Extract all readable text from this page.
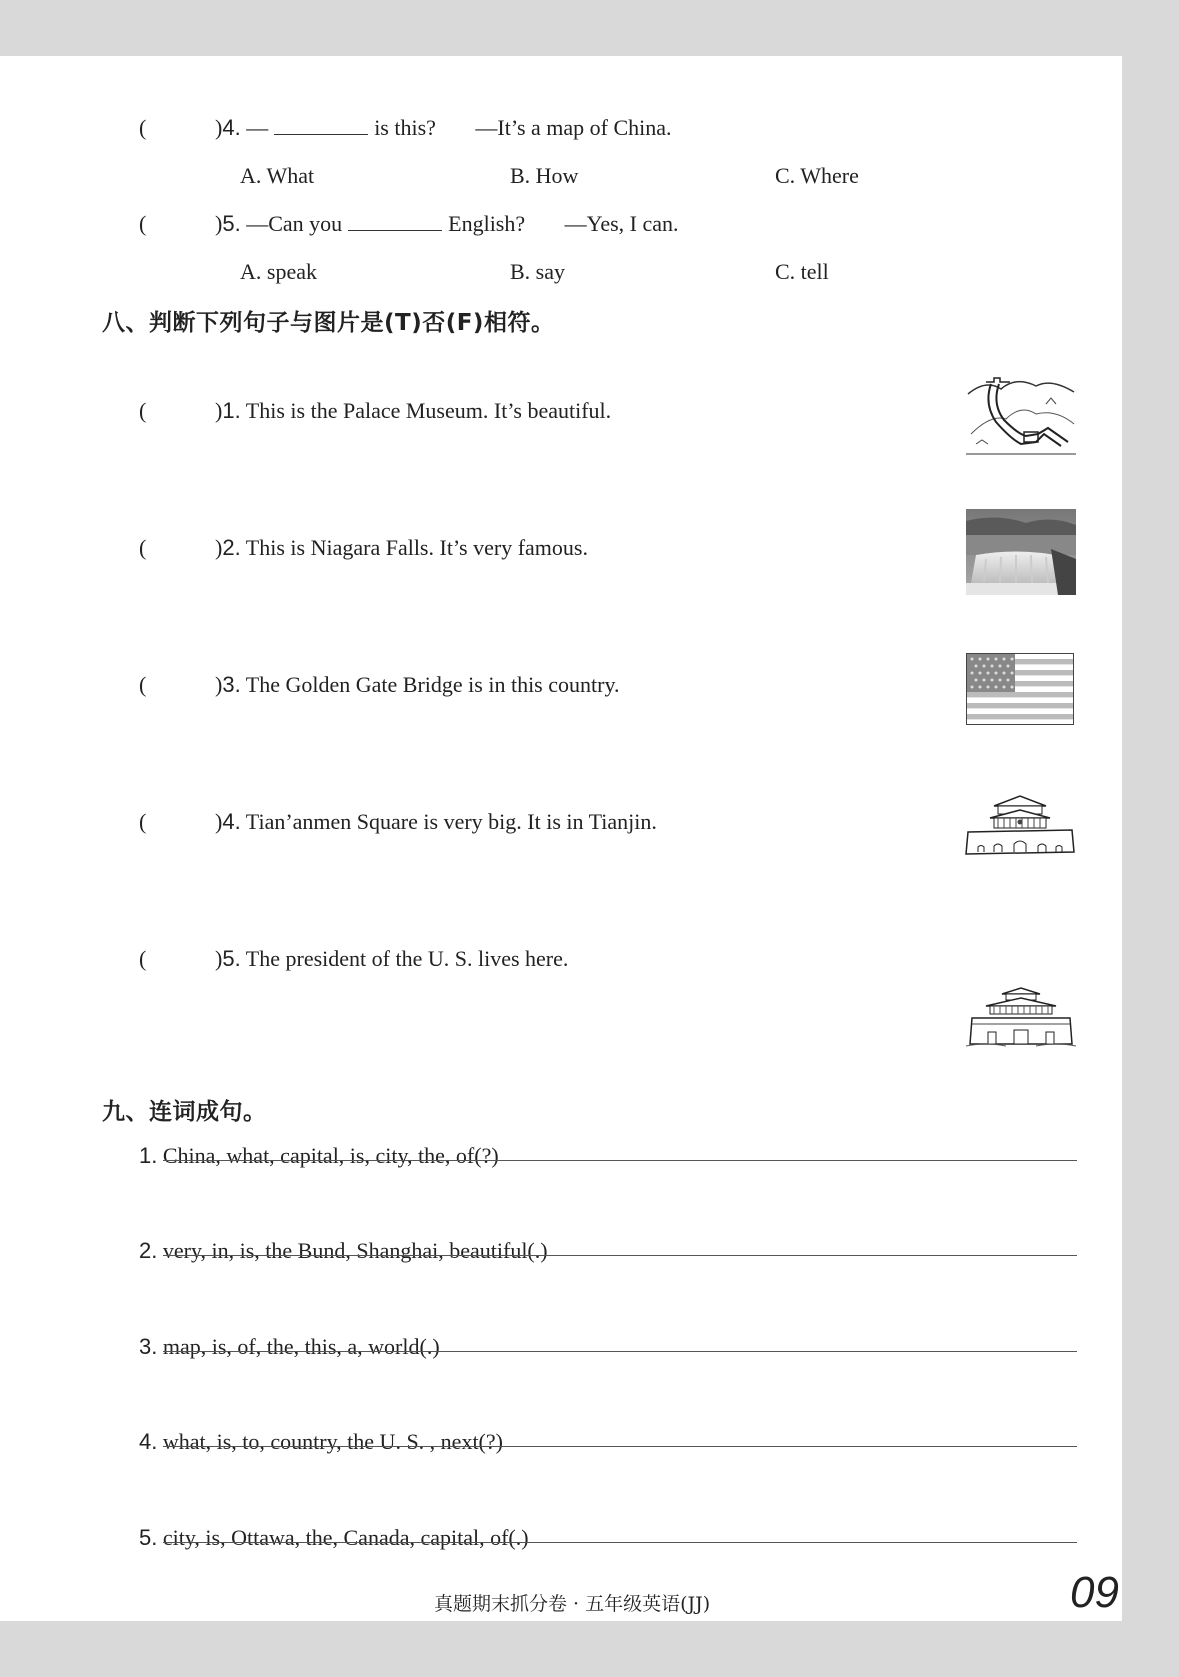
(	)4. —	is this? —It’s a map of China.
A. What	B. How	C. Where
(	)5. —Can you	English? —Yes, I can.
A. speak	B. say	C. tell
八、判断下列句子与图片是(T)否(F)相符。
(	)1. This is the Palace Museum. It’s beautiful.
(	)2. This is Niagara Falls. It’s very famous.
(	)3. The Golden Gate Bridge is in this country.
(	)4. Tian’anmen Square is very big. It is in Tianjin.
(	)5. The president of the U. S. lives here.
九、连词成句。
1. China, what, capital, is, city, the, of(?)
2. very, in, is, the Bund, Shanghai, beautiful(.)
3. map, is, of, the, this, a, world(.)
4. what, is, to, country, the U. S. , next(?)
5. city, is, Ottawa, the, Canada, capital, of(.)
真题期末抓分卷 · 五年级英语(JJ)	09
